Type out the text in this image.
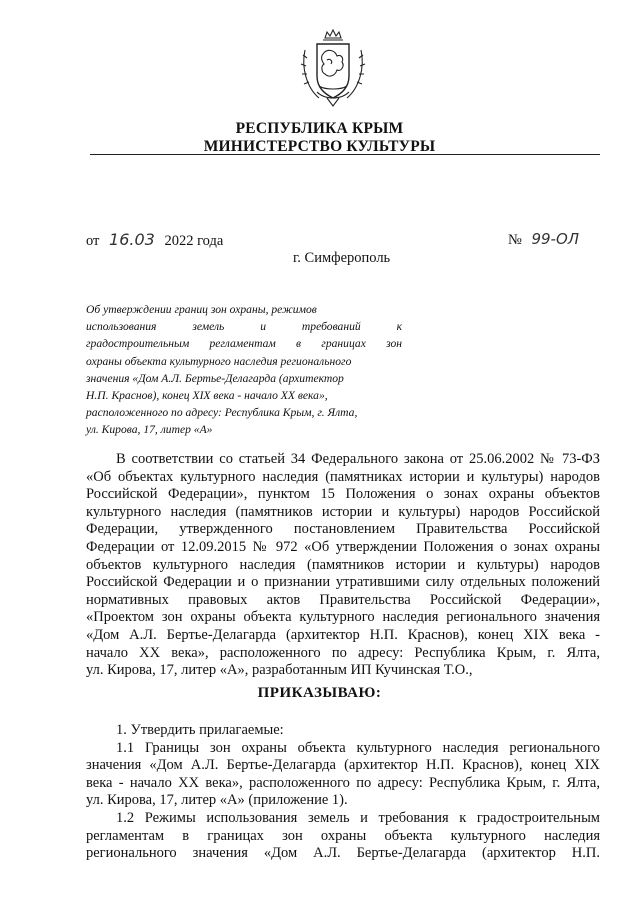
РЕСПУБЛИКА КРЫМ
МИНИСТЕРСТВО КУЛЬТУРЫ
от 16.03 2022 года	№ 99-ОЛ
г. Симферополь
Об утверждении границ зон охраны, режимов
использования земель и требований к
градостроительным регламентам в границах зон
охраны объекта культурного наследия регионального
значения «Дом А.Л. Бертье-Делагарда (архитектор
Н.П. Краснов), конец XIX века - начало XX века»,
расположенного по адресу: Республика Крым, г. Ялта,
ул. Кирова, 17, литер «А»
В соответствии со статьей 34 Федерального закона от 25.06.2002 № 73-ФЗ
«Об объектах культурного наследия (памятниках истории и культуры) народов
Российской Федерации», пунктом 15 Положения о зонах охраны объектов
культурного наследия (памятников истории и культуры) народов Российской
Федерации, утвержденного постановлением Правительства Российской
Федерации от 12.09.2015 № 972 «Об утверждении Положения о зонах охраны
объектов культурного наследия (памятников истории и культуры) народов
Российской Федерации и о признании утратившими силу отдельных положений
нормативных правовых актов Правительства Российской Федерации»,
«Проектом зон охраны объекта культурного наследия регионального значения
«Дом А.Л. Бертье-Делагарда (архитектор Н.П. Краснов), конец XIX века -
начало XX века», расположенного по адресу: Республика Крым, г. Ялта,
ул. Кирова, 17, литер «А», разработанным ИП Кучинская Т.О.,
ПРИКАЗЫВАЮ:
1. Утвердить прилагаемые:
1.1 Границы зон охраны объекта культурного наследия регионального
значения «Дом А.Л. Бертье-Делагарда (архитектор Н.П. Краснов), конец XIX
века - начало XX века», расположенного по адресу: Республика Крым, г. Ялта,
ул. Кирова, 17, литер «А» (приложение 1).
1.2 Режимы использования земель и требования к градостроительным
регламентам в границах зон охраны объекта культурного наследия
регионального значения «Дом А.Л. Бертье-Делагарда (архитектор Н.П.
